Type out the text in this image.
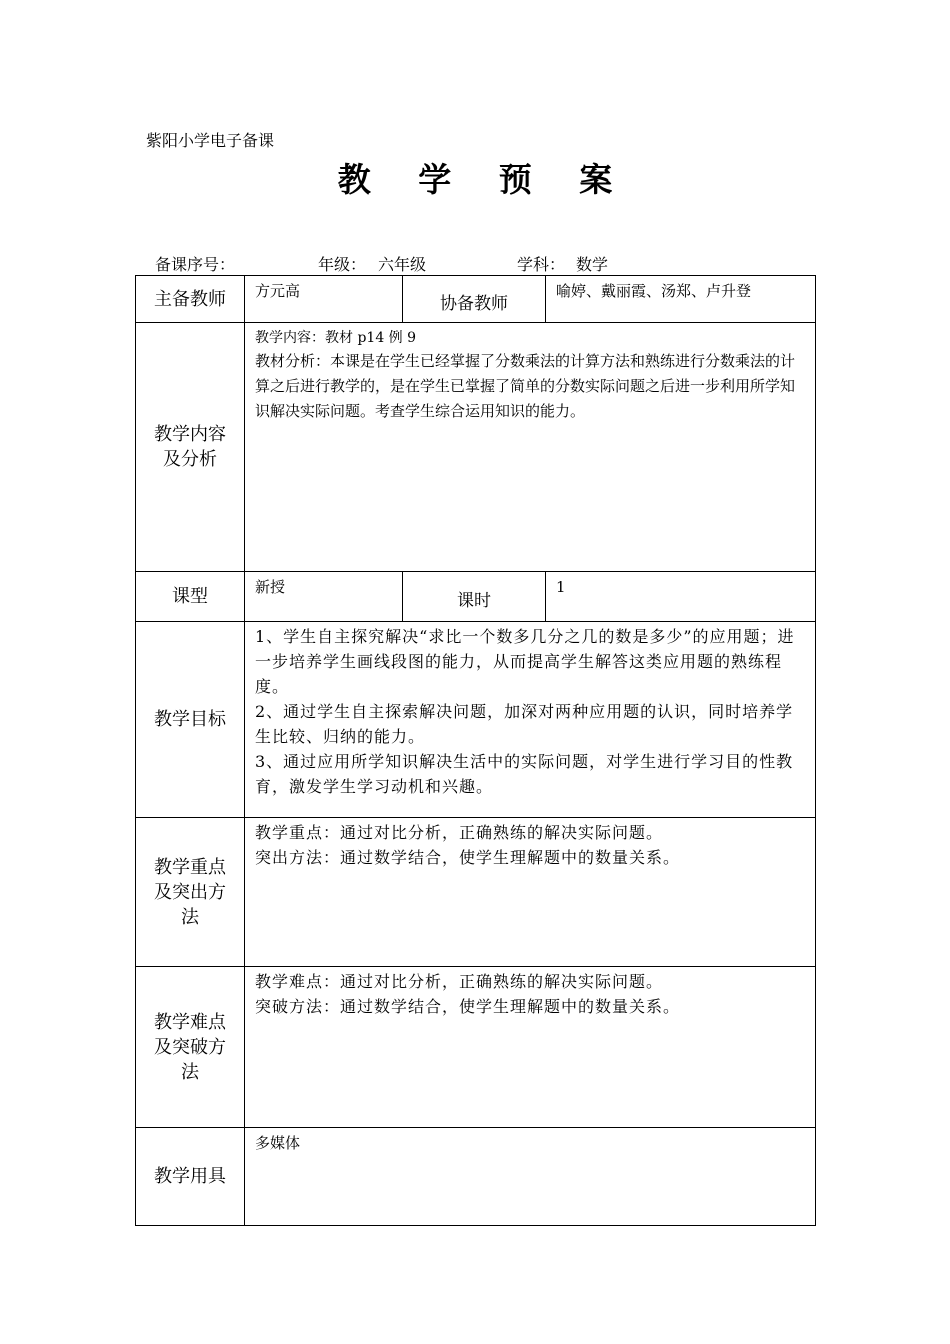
紫阳小学电子备课
教 学 预 案
备课序号：	年级： 六年级	学科： 数学
主备教师	方元高	协备教师	喻婷、戴丽霞、汤郑、卢升登
教学内容及分析	教学内容：教材 p14 例 9
教材分析：本课是在学生已经掌握了分数乘法的计算方法和熟练进行分数乘法的计算之后进行教学的，是在学生已掌握了简单的分数实际问题之后进一步利用所学知识解决实际问题。考查学生综合运用知识的能力。		

课型	新授	课时	1
教学目标	1、学生自主探究解决“求比一个数多几分之几的数是多少”的应用题；进一步培养学生画线段图的能力，从而提高学生解答这类应用题的熟练程度。
2、通过学生自主探索解决问题，加深对两种应用题的认识，同时培养学生比较、归纳的能力。
3、通过应用所学知识解决生活中的实际问题，对学生进行学习目的性教育，激发学生学习动机和兴趣。		

教学重点及突出方法	教学重点：通过对比分析，正确熟练的解决实际问题。
突出方法：通过数学结合，使学生理解题中的数量关系。		

教学难点及突破方法	教学难点：通过对比分析，正确熟练的解决实际问题。
突破方法：通过数学结合，使学生理解题中的数量关系。		

教学用具	多媒体		
